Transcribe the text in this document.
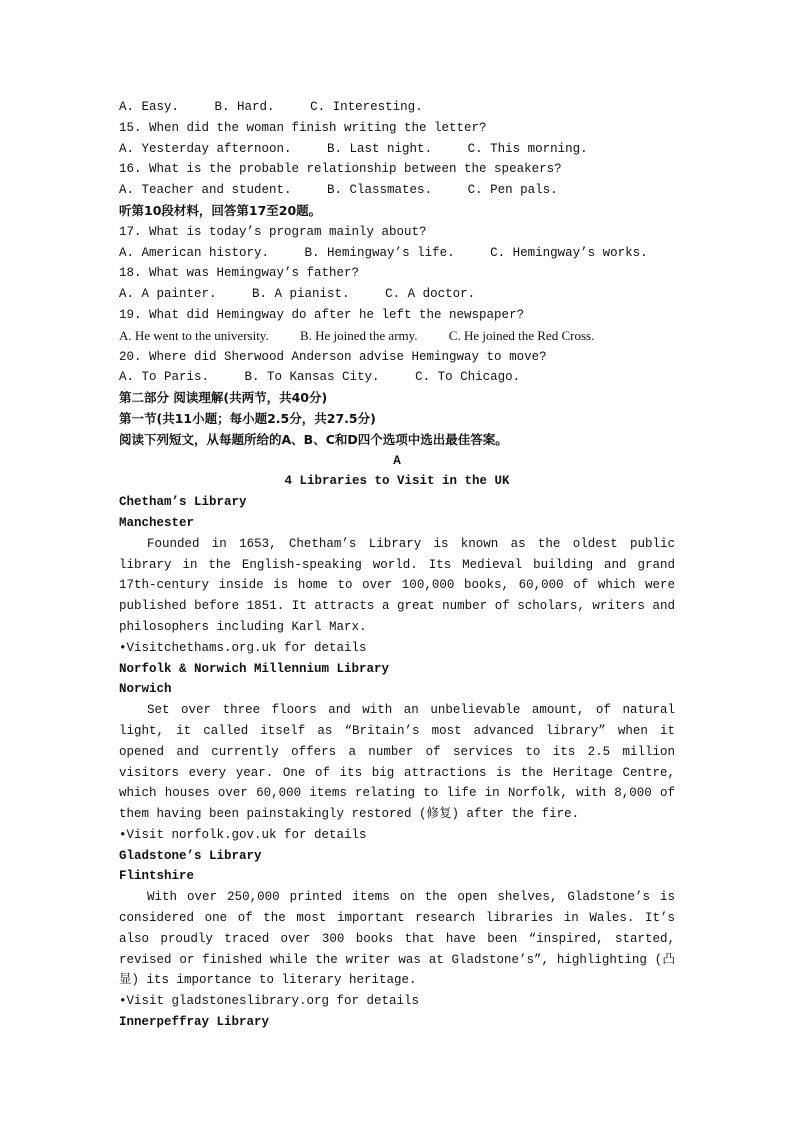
A. Easy.	B. Hard.	C. Interesting.
15. When did the woman finish writing the letter?
A. Yesterday afternoon.	B. Last night.	C. This morning.
16. What is the probable relationship between the speakers?
A. Teacher and student.	B. Classmates.	C. Pen pals.
听第10段材料，回答第17至20题。
17. What is today’s program mainly about?
A. American history.	B. Hemingway’s life.	C. Hemingway’s works.
18. What was Hemingway’s father?
A. A painter.	B. A pianist.	C. A doctor.
19. What did Hemingway do after he left the newspaper?
A. He went to the university. B. He joined the army. C. He joined the Red Cross.
20. Where did Sherwood Anderson advise Hemingway to move?
A. To Paris.	B. To Kansas City.	C. To Chicago.
第二部分 阅读理解(共两节，共40分)
第一节(共11小题；每小题2.5分，共27.5分)
阅读下列短文，从每题所给的A、B、C和D四个选项中选出最佳答案。
A
4 Libraries to Visit in the UK
Chetham’s Library
Manchester

Founded in 1653, Chetham’s Library is known as the oldest public library in the English-speaking world. Its Medieval building and grand 17th-century inside is home to over 100,000 books, 60,000 of which were published before 1851. It attracts a great number of scholars, writers and philosophers including Karl Marx.

•Visitchethams.org.uk for details
Norfolk & Norwich Millennium Library
Norwich

Set over three floors and with an unbelievable amount, of natural light, it called itself as “Britain’s most advanced library” when it opened and currently offers a number of services to its 2.5 million visitors every year. One of its big attractions is the Heritage Centre, which houses over 60,000 items relating to life in Norfolk, with 8,000 of them having been painstakingly restored (修复) after the fire.

•Visit norfolk.gov.uk for details
Gladstone’s Library
Flintshire

With over 250,000 printed items on the open shelves, Gladstone’s is considered one of the most important research libraries in Wales. It’s also proudly traced over 300 books that have been “inspired, started, revised or finished while the writer was at Gladstone’s”, highlighting (凸显) its importance to literary heritage.

•Visit gladstoneslibrary.org for details
Innerpeffray Library
